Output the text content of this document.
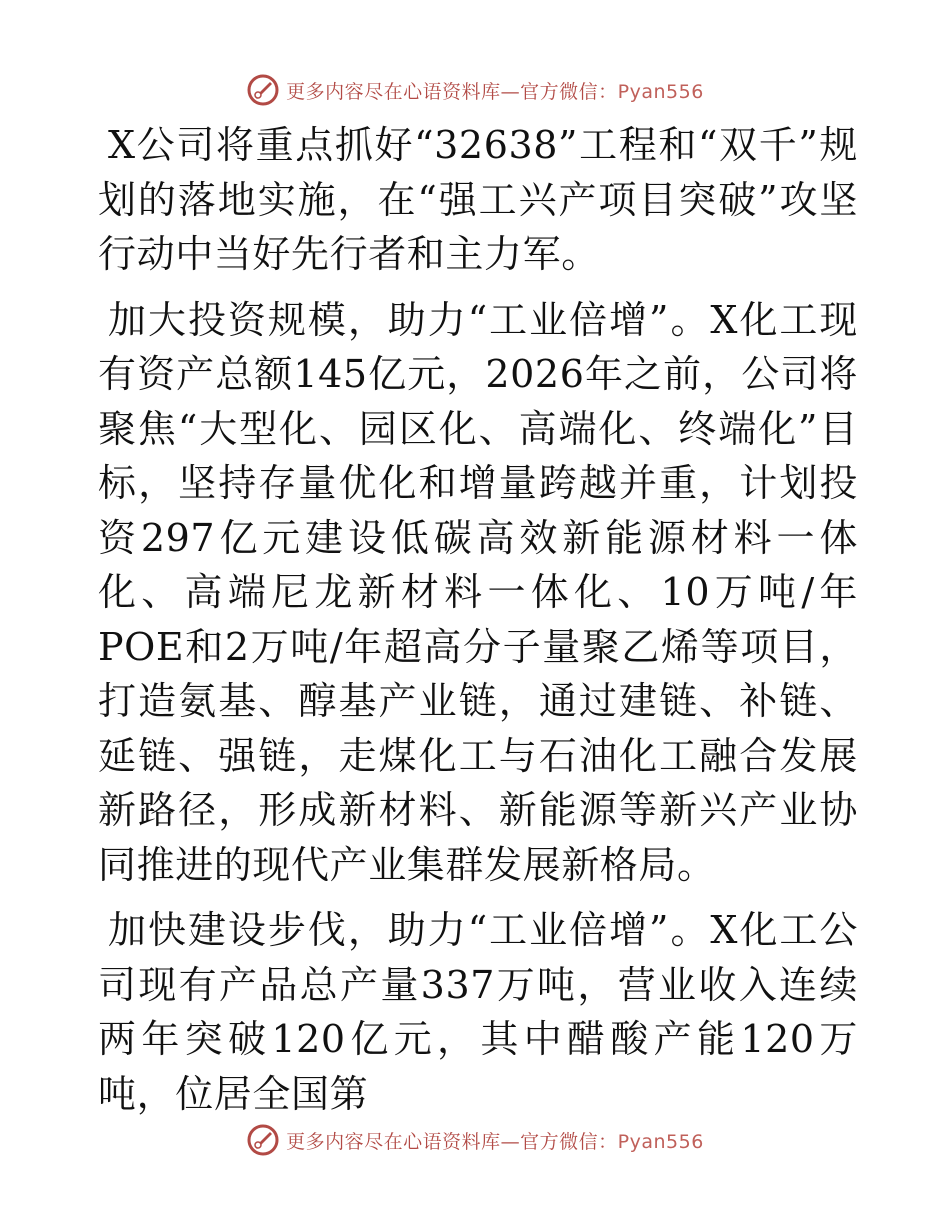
更多内容尽在心语资料库—官方微信：Pyan556

X公司将重点抓好“32638”工程和“双千”规划的落地实施，在“强工兴产项目突破”攻坚行动中当好先行者和主力军。

加大投资规模，助力“工业倍增”。X化工现有资产总额145亿元，2026年之前，公司将聚焦“大型化、园区化、高端化、终端化”目标，坚持存量优化和增量跨越并重，计划投资297亿元建设低碳高效新能源材料一体化、高端尼龙新材料一体化、10万吨/年POE和2万吨/年超高分子量聚乙烯等项目，打造氨基、醇基产业链，通过建链、补链、延链、强链，走煤化工与石油化工融合发展新路径，形成新材料、新能源等新兴产业协同推进的现代产业集群发展新格局。

加快建设步伐，助力“工业倍增”。X化工公司现有产品总产量337万吨，营业收入连续两年突破120亿元，其中醋酸产能120万吨，位居全国第

更多内容尽在心语资料库—官方微信：Pyan556
